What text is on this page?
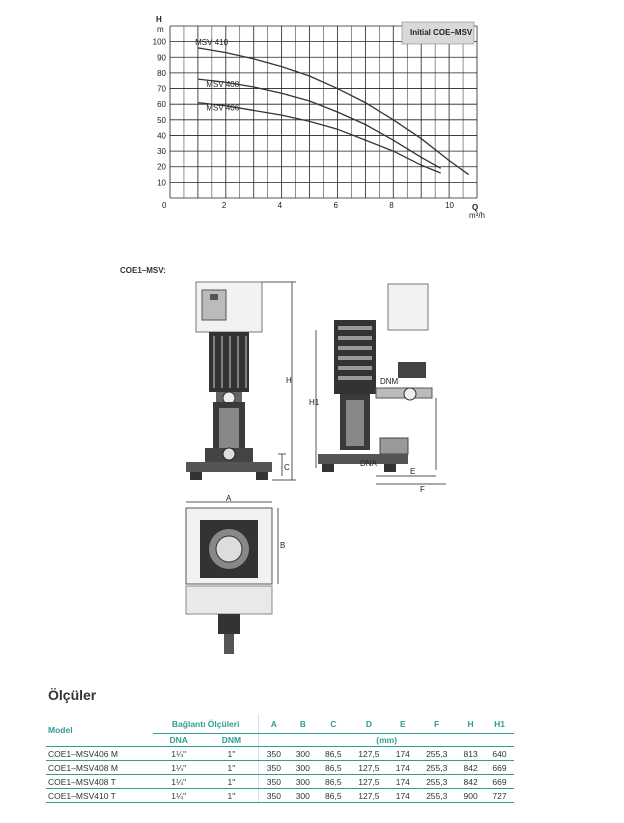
H
m
Q
m³/h
10
20
30
40
50
60
70
80
90
100
0	2	4	6	8	10
MSV 410
MSV 408
MSV 406
Initial COE–MSV
COE1–MSV:
H
C
DNM
DNA
H1
E
F
A
B
Ölçüler
Model	Bağlantı Ölçüleri		A	B	C	D	E	F	H	H1
	DNA	DNM	(mm)							
COE1–MSV406 M	1¼"	1"	350	300	86,5	127,5	174	255,3	813	640
COE1–MSV408 M	1¼"	1"	350	300	86,5	127,5	174	255,3	842	669
COE1–MSV408 T	1¼"	1"	350	300	86,5	127,5	174	255,3	842	669
COE1–MSV410 T	1¼"	1"	350	300	86,5	127,5	174	255,3	900	727
